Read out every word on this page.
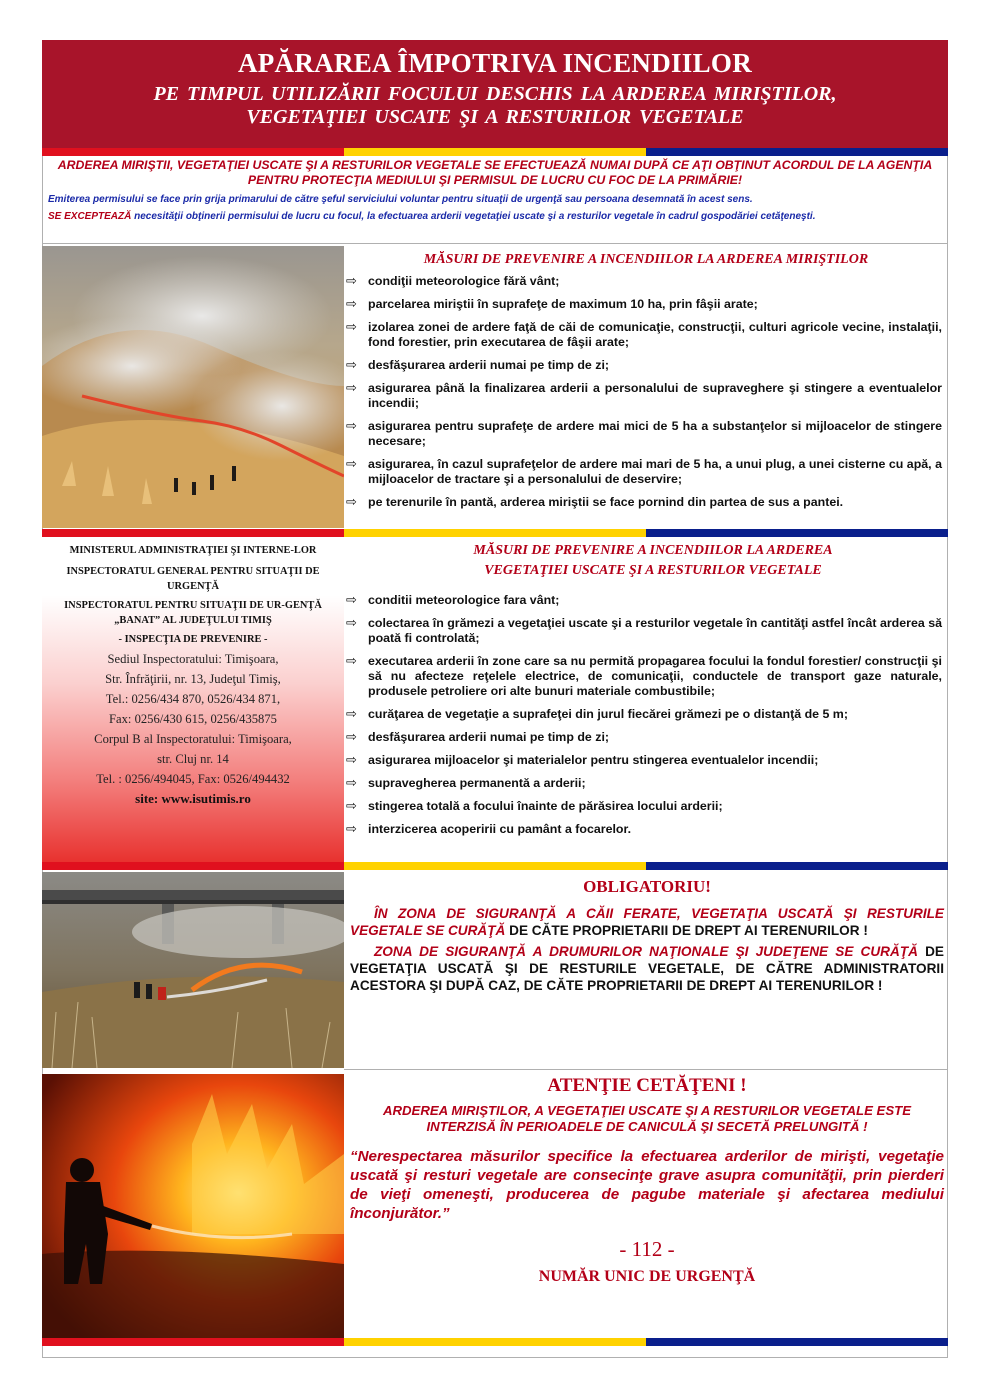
APĂRAREA ÎMPOTRIVA INCENDIILOR
PE TIMPUL UTILIZĂRII FOCULUI DESCHIS LA ARDEREA MIRIŞTILOR,
VEGETAŢIEI USCATE ŞI A RESTURILOR VEGETALE
ARDEREA MIRIŞTII, VEGETAŢIEI USCATE ŞI A RESTURILOR VEGETALE SE EFECTUEAZĂ NUMAI DUPĂ CE AŢI OBŢINUT ACORDUL DE LA AGENŢIA PENTRU PROTECŢIA MEDIULUI ŞI PERMISUL DE LUCRU CU FOC DE LA PRIMĂRIE!
Emiterea permisului se face prin grija primarului de către şeful serviciului voluntar pentru situaţii de urgenţă sau persoana desemnată în acest sens.
SE EXCEPTEAZĂ necesităţii obţinerii permisului de lucru cu focul, la efectuarea arderii vegetaţiei uscate şi a resturilor vegetale în cadrul gospodăriei cetăţeneşti.
MĂSURI DE PREVENIRE A INCENDIILOR LA ARDEREA MIRIŞTILOR
⇨ condiţii meteorologice fără vânt;
⇨ parcelarea miriştii în suprafeţe de maximum 10 ha, prin fâşii arate;
⇨ izolarea zonei de ardere faţă de căi de comunicaţie, construcţii, culturi agricole vecine, instalaţii, fond forestier, prin executarea de fâşii arate;
⇨ desfăşurarea arderii numai pe timp de zi;
⇨ asigurarea până la finalizarea arderii a personalului de supraveghere şi stingere a eventualelor incendii;
⇨ asigurarea pentru suprafeţe de ardere mai mici de 5 ha a substanţelor si mijloacelor de stingere necesare;
⇨ asigurarea, în cazul suprafeţelor de ardere mai mari de 5 ha, a unui plug, a unei cisterne cu apă, a mijloacelor de tractare şi a personalului de deservire;
⇨ pe terenurile în pantă, arderea miriştii se face pornind din partea de sus a pantei.
MINISTERUL ADMINISTRAŢIEI ŞI INTERNE-LOR
INSPECTORATUL GENERAL PENTRU SITUAŢII DE URGENŢĂ
INSPECTORATUL PENTRU SITUAŢII DE UR-GENŢĂ „BANAT” AL JUDEŢULUI TIMIŞ
- INSPECŢIA DE PREVENIRE -
Sediul Inspectoratului: Timişoara,
Str. Înfrăţirii, nr. 13, Judeţul Timiş,
Tel.: 0256/434 870, 0526/434 871,
Fax: 0256/430 615, 0256/435875
Corpul B al Inspectoratului: Timişoara,
str. Cluj nr. 14
Tel. : 0256/494045, Fax: 0526/494432
site: www.isutimis.ro
MĂSURI DE PREVENIRE A INCENDIILOR LA ARDEREA
VEGETAŢIEI USCATE ŞI A RESTURILOR VEGETALE
⇨ conditii meteorologice fara vânt;
⇨ colectarea în grămezi a vegetaţiei uscate şi a resturilor vegetale în cantităţi astfel încât arderea să poată fi controlată;
⇨ executarea arderii în zone care sa nu permită propagarea focului la fondul forestier/ construcţii şi să nu afecteze reţelele electrice, de comunicaţii, conductele de transport gaze naturale, produsele petroliere ori alte bunuri materiale combustibile;
⇨ curăţarea de vegetaţie a suprafeţei din jurul fiecărei grămezi pe o distanţă de 5 m;
⇨ desfăşurarea arderii numai pe timp de zi;
⇨ asigurarea mijloacelor şi materialelor pentru stingerea eventualelor incendii;
⇨ supravegherea permanentă a arderii;
⇨ stingerea totală a focului înainte de părăsirea locului arderii;
⇨ interzicerea acoperirii cu pamânt a focarelor.
OBLIGATORIU!

ÎN ZONA DE SIGURANŢĂ A CĂII FERATE, VEGETAŢIA USCATĂ ŞI RESTURILE VEGETALE SE CURĂŢĂ DE CĂTE PROPRIETARII DE DREPT AI TERENURILOR !

ZONA DE SIGURANŢĂ A DRUMURILOR NAŢIONALE ŞI JUDEŢENE SE CURĂŢĂ DE VEGETAŢIA USCATĂ ŞI DE RESTURILE VEGETALE, DE CĂTRE ADMINISTRATORII ACESTORA ŞI DUPĂ CAZ, DE CĂTE PROPRIETARII DE DREPT AI TERENURILOR !

ATENŢIE CETĂŢENI !
ARDEREA MIRIŞTILOR, A VEGETAŢIEI USCATE ŞI A RESTURILOR VEGETALE ESTE INTERZISĂ ÎN PERIOADELE DE CANICULĂ ŞI SECETĂ PRELUNGITĂ !
“Nerespectarea măsurilor specifice la efectuarea arderilor de mirişti, vegetaţie uscată şi resturi vegetale are consecinţe grave asupra comunităţii, prin pierderi de vieţi omeneşti, producerea de pagube materiale şi afectarea mediului înconjurător.”
- 112 -
NUMĂR UNIC DE URGENŢĂ
